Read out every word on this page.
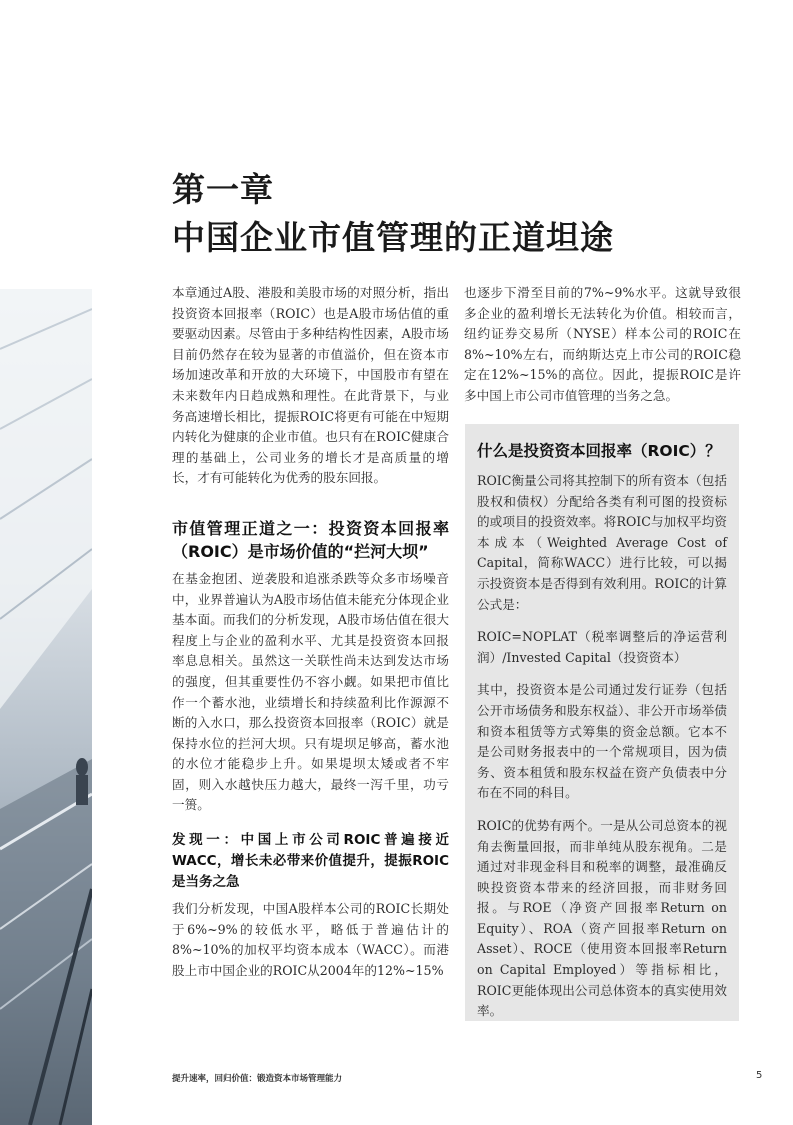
第一章
中国企业市值管理的正道坦途

本章通过A股、港股和美股市场的对照分析，指出投资资本回报率（ROIC）也是A股市场估值的重要驱动因素。尽管由于多种结构性因素，A股市场目前仍然存在较为显著的市值溢价，但在资本市场加速改革和开放的大环境下，中国股市有望在未来数年内日趋成熟和理性。在此背景下，与业务高速增长相比，提振ROIC将更有可能在中短期内转化为健康的企业市值。也只有在ROIC健康合理的基础上，公司业务的增长才是高质量的增长，才有可能转化为优秀的股东回报。

市值管理正道之一：投资资本回报率（ROIC）是市场价值的“拦河大坝”

在基金抱团、逆袭股和追涨杀跌等众多市场噪音中，业界普遍认为A股市场估值未能充分体现企业基本面。而我们的分析发现，A股市场估值在很大程度上与企业的盈利水平、尤其是投资资本回报率息息相关。虽然这一关联性尚未达到发达市场的强度，但其重要性仍不容小觑。如果把市值比作一个蓄水池，业绩增长和持续盈利比作源源不断的入水口，那么投资资本回报率（ROIC）就是保持水位的拦河大坝。只有堤坝足够高，蓄水池的水位才能稳步上升。如果堤坝太矮或者不牢固，则入水越快压力越大，最终一泻千里，功亏一篑。

发现一：中国上市公司ROIC普遍接近WACC，增长未必带来价值提升，提振ROIC是当务之急

我们分析发现，中国A股样本公司的ROIC长期处于6%~9%的较低水平，略低于普遍估计的8%~10%的加权平均资本成本（WACC）。而港股上市中国企业的ROIC从2004年的12%~15%

也逐步下滑至目前的7%~9%水平。这就导致很多企业的盈利增长无法转化为价值。相较而言，纽约证券交易所（NYSE）样本公司的ROIC在8%~10%左右，而纳斯达克上市公司的ROIC稳定在12%~15%的高位。因此，提振ROIC是许多中国上市公司市值管理的当务之急。

什么是投资资本回报率（ROIC）？

ROIC衡量公司将其控制下的所有资本（包括股权和债权）分配给各类有利可图的投资标的或项目的投资效率。将ROIC与加权平均资本成本（Weighted Average Cost of Capital，简称WACC）进行比较，可以揭示投资资本是否得到有效利用。ROIC的计算公式是：

ROIC=NOPLAT（税率调整后的净运营利润）/Invested Capital（投资资本）

其中，投资资本是公司通过发行证券（包括公开市场债务和股东权益）、非公开市场举债和资本租赁等方式筹集的资金总额。它本不是公司财务报表中的一个常规项目，因为债务、资本租赁和股东权益在资产负债表中分布在不同的科目。

ROIC的优势有两个。一是从公司总资本的视角去衡量回报，而非单纯从股东视角。二是通过对非现金科目和税率的调整，最准确反映投资资本带来的经济回报，而非财务回报。与ROE（净资产回报率Return on Equity）、ROA（资产回报率Return on Asset）、ROCE（使用资本回报率Return on Capital Employed）等指标相比，ROIC更能体现出公司总体资本的真实使用效率。

提升速率，回归价值：锻造资本市场管理能力	5
